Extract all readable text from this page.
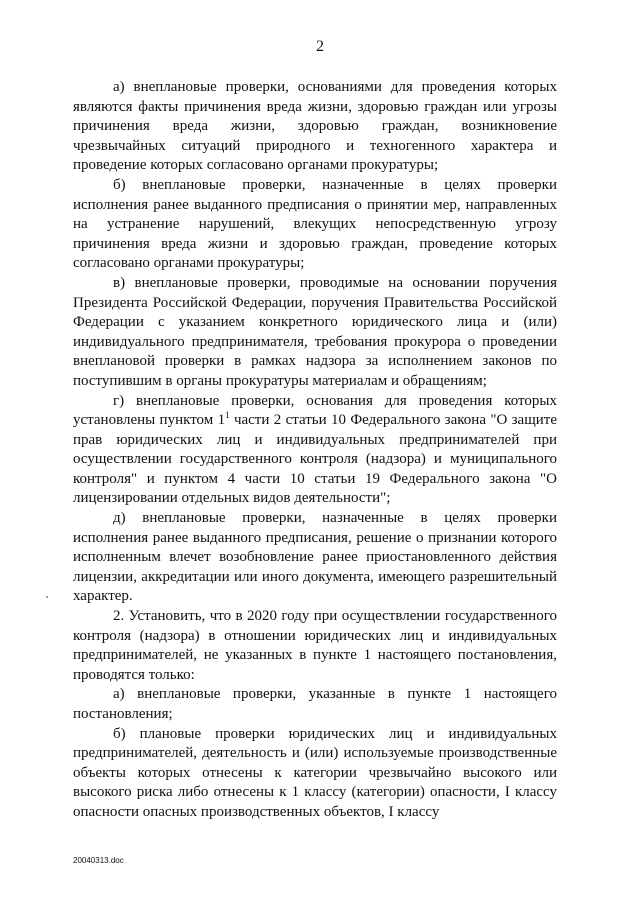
2

а) внеплановые проверки, основаниями для проведения которых являются факты причинения вреда жизни, здоровью граждан или угрозы причинения вреда жизни, здоровью граждан, возникновение чрезвычайных ситуаций природного и техногенного характера и проведение которых согласовано органами прокуратуры;

б) внеплановые проверки, назначенные в целях проверки исполнения ранее выданного предписания о принятии мер, направленных на устранение нарушений, влекущих непосредственную угрозу причинения вреда жизни и здоровью граждан, проведение которых согласовано органами прокуратуры;

в) внеплановые проверки, проводимые на основании поручения Президента Российской Федерации, поручения Правительства Российской Федерации с указанием конкретного юридического лица и (или) индивидуального предпринимателя, требования прокурора о проведении внеплановой проверки в рамках надзора за исполнением законов по поступившим в органы прокуратуры материалам и обращениям;

г) внеплановые проверки, основания для проведения которых установлены пунктом $1^1$ части 2 статьи 10 Федерального закона "О защите прав юридических лиц и индивидуальных предпринимателей при осуществлении государственного контроля (надзора) и муниципального контроля" и пунктом 4 части 10 статьи 19 Федерального закона "О лицензировании отдельных видов деятельности";

д) внеплановые проверки, назначенные в целях проверки исполнения ранее выданного предписания, решение о признании которого исполненным влечет возобновление ранее приостановленного действия лицензии, аккредитации или иного документа, имеющего разрешительный характер.

2. Установить, что в 2020 году при осуществлении государственного контроля (надзора) в отношении юридических лиц и индивидуальных предпринимателей, не указанных в пункте 1 настоящего постановления, проводятся только:

а) внеплановые проверки, указанные в пункте 1 настоящего постановления;

б) плановые проверки юридических лиц и индивидуальных предпринимателей, деятельность и (или) используемые производственные объекты которых отнесены к категории чрезвычайно высокого или высокого риска либо отнесены к 1 классу (категории) опасности, I классу опасности опасных производственных объектов, I классу

20040313.doc
